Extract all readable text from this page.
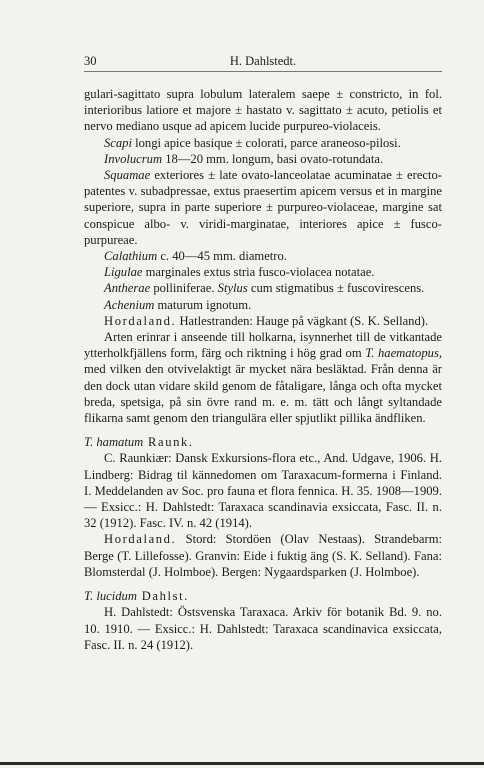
30	H. Dahlstedt.

gulari-sagittato supra lobulum lateralem saepe ± constricto, in fol. interioribus latiore et majore ± hastato v. sagittato ± acuto, petiolis et nervo mediano usque ad apicem lucide purpureo-violaceis.

Scapi longi apice basique ± colorati, parce araneoso-pilosi.

Involucrum 18—20 mm. longum, basi ovato-rotundata.

Squamae exteriores ± late ovato-lanceolatae acuminatae ± erecto-patentes v. subadpressae, extus praesertim apicem versus et in margine superiore, supra in parte superiore ± purpureo-violaceae, margine sat conspicue albo- v. viridi-marginatae, interiores apice ± fusco-purpureae.

Calathium c. 40—45 mm. diametro.

Ligulae marginales extus stria fusco-violacea notatae.

Antherae polliniferae. Stylus cum stigmatibus ± fuscovirescens.

Achenium maturum ignotum.

Hordaland. Hatlestranden: Hauge på vägkant (S. K. Selland).

Arten erinrar i anseende till holkarna, isynnerhet till de vitkantade ytterholkfjällens form, färg och riktning i hög grad om T. haematopus, med vilken den otvivelaktigt är mycket nära besläktad. Från denna är den dock utan vidare skild genom de fåtaligare, långa och ofta mycket breda, spetsiga, på sin övre rand m. e. m. tätt och långt syltandade flikarna samt genom den triangulära eller spjutlikt pillika ändfliken.

T. hamatum Raunk.

C. Raunkiær: Dansk Exkursions-flora etc., And. Udgave, 1906. H. Lindberg: Bidrag til kännedomen om Taraxacum-formerna i Finland. I. Meddelanden av Soc. pro fauna et flora fennica. H. 35. 1908—1909. — Exsicc.: H. Dahlstedt: Taraxaca scandinavia exsiccata, Fasc. II. n. 32 (1912). Fasc. IV. n. 42 (1914).

Hordaland. Stord: Stordöen (Olav Nestaas). Strandebarm: Berge (T. Lillefosse). Granvin: Eide i fuktig äng (S. K. Selland). Fana: Blomsterdal (J. Holmboe). Bergen: Nygaardsparken (J. Holmboe).

T. lucidum Dahlst.

H. Dahlstedt: Östsvenska Taraxaca. Arkiv för botanik Bd. 9. no. 10. 1910. — Exsicc.: H. Dahlstedt: Taraxaca scandinavica exsiccata, Fasc. II. n. 24 (1912).
